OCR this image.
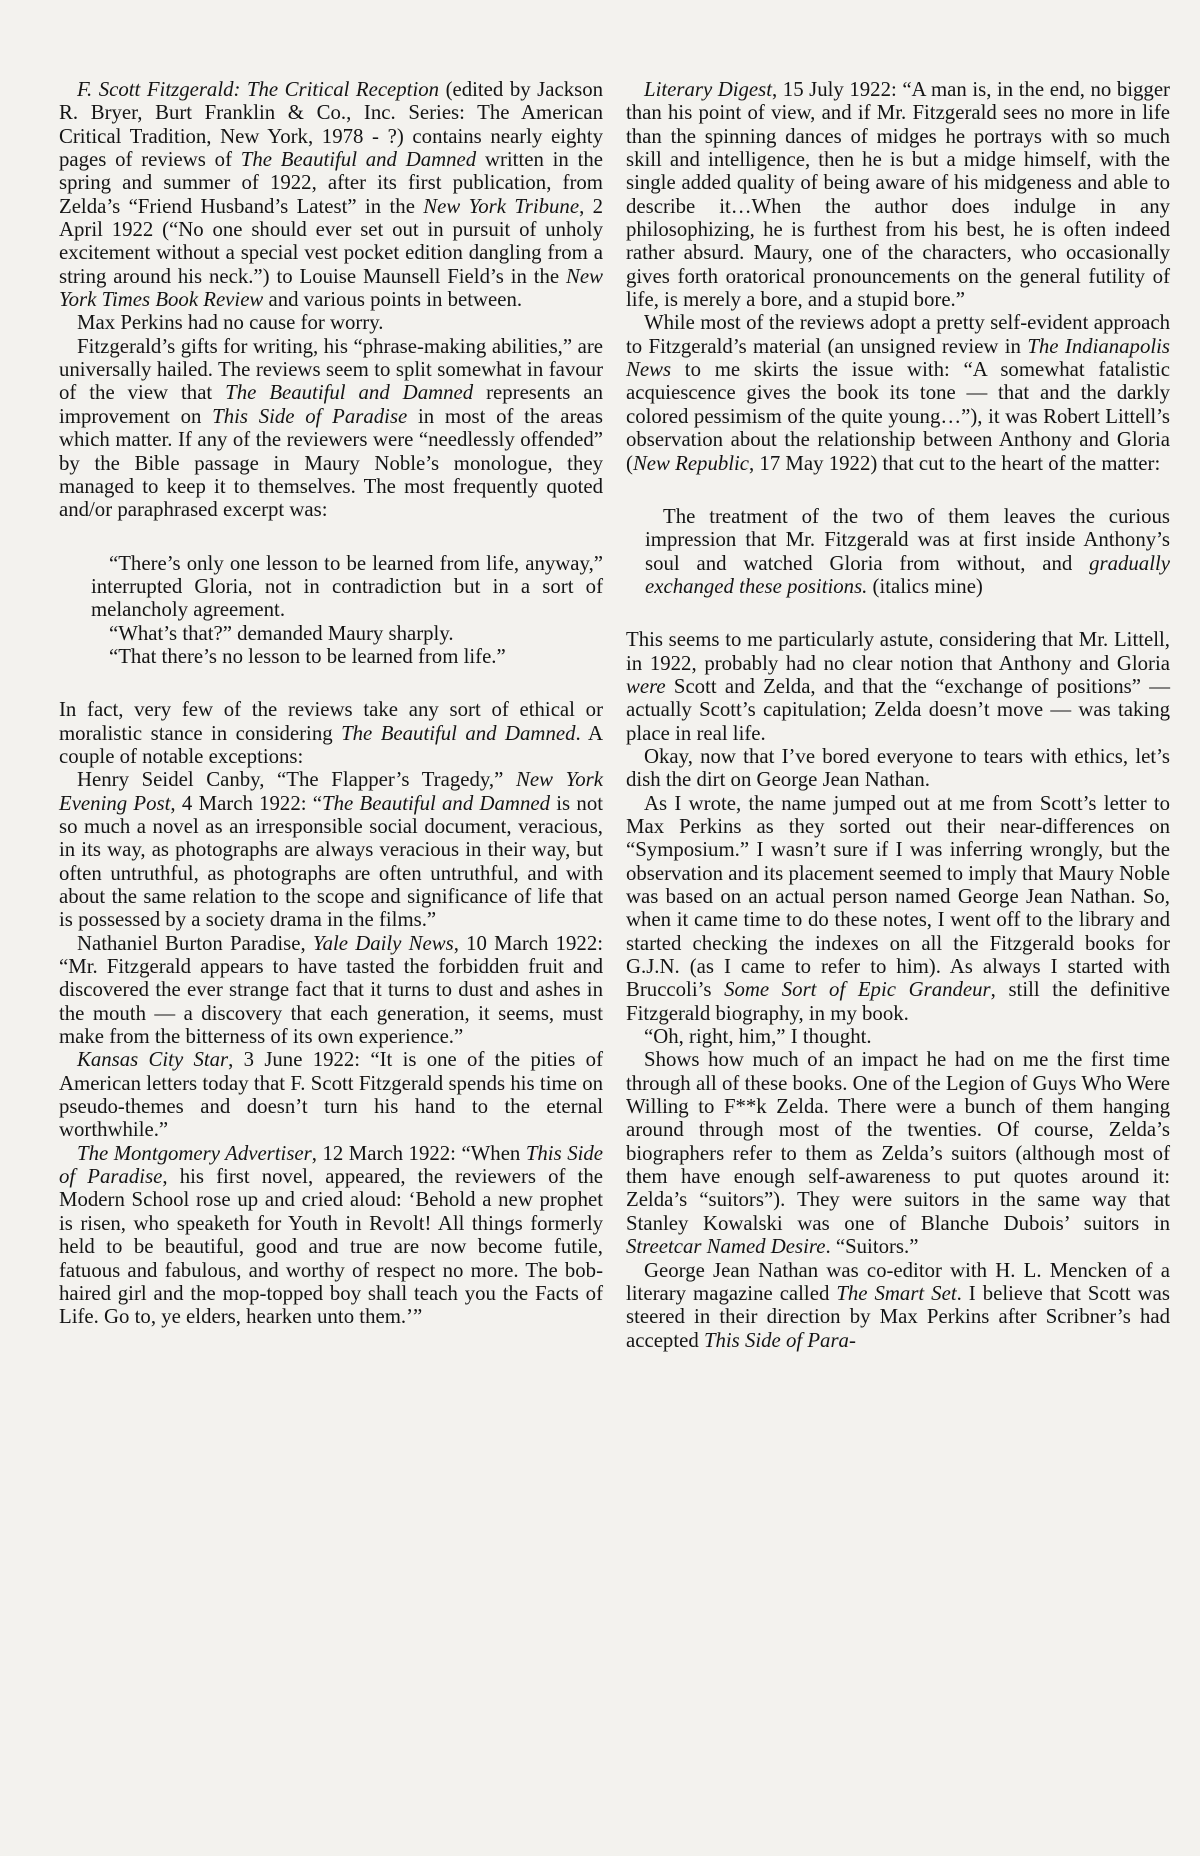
F. Scott Fitzgerald: The Critical Reception (edited by Jackson R. Bryer, Burt Franklin & Co., Inc. Series: The American Critical Tradition, New York, 1978 - ?) contains nearly eighty pages of reviews of The Beautiful and Damned written in the spring and summer of 1922, after its first publication, from Zelda’s “Friend Husband’s Latest” in the New York Tribune, 2 April 1922 (“No one should ever set out in pursuit of unholy excitement without a special vest pocket edition dangling from a string around his neck.”) to Louise Maunsell Field’s in the New York Times Book Review and various points in between.

Max Perkins had no cause for worry.

Fitzgerald’s gifts for writing, his “phrase-making abilities,” are universally hailed. The reviews seem to split somewhat in favour of the view that The Beautiful and Damned represents an improvement on This Side of Paradise in most of the areas which matter. If any of the reviewers were “needlessly offended” by the Bible passage in Maury Noble’s monologue, they managed to keep it to themselves. The most frequently quoted and/or paraphrased excerpt was:

“There’s only one lesson to be learned from life, anyway,” interrupted Gloria, not in contradiction but in a sort of melancholy agreement.

“What’s that?” demanded Maury sharply.

“That there’s no lesson to be learned from life.”

In fact, very few of the reviews take any sort of ethical or moralistic stance in considering The Beautiful and Damned. A couple of notable exceptions:

Henry Seidel Canby, “The Flapper’s Tragedy,” New York Evening Post, 4 March 1922: “The Beautiful and Damned is not so much a novel as an irresponsible social document, veracious, in its way, as photographs are always veracious in their way, but often untruthful, as photographs are often untruthful, and with about the same relation to the scope and significance of life that is possessed by a society drama in the films.”

Nathaniel Burton Paradise, Yale Daily News, 10 March 1922: “Mr. Fitzgerald appears to have tasted the forbidden fruit and discovered the ever strange fact that it turns to dust and ashes in the mouth — a discovery that each generation, it seems, must make from the bitterness of its own experience.”

Kansas City Star, 3 June 1922: “It is one of the pities of American letters today that F. Scott Fitzgerald spends his time on pseudo-themes and doesn’t turn his hand to the eternal worthwhile.”

The Montgomery Advertiser, 12 March 1922: “When This Side of Paradise, his first novel, appeared, the reviewers of the Modern School rose up and cried aloud: ‘Behold a new prophet is risen, who speaketh for Youth in Revolt! All things formerly held to be beautiful, good and true are now become futile, fatuous and fabulous, and worthy of respect no more. The bob-haired girl and the mop-topped boy shall teach you the Facts of Life. Go to, ye elders, hearken unto them.’”

Literary Digest, 15 July 1922: “A man is, in the end, no bigger than his point of view, and if Mr. Fitzgerald sees no more in life than the spinning dances of midges he portrays with so much skill and intelligence, then he is but a midge himself, with the single added quality of being aware of his midgeness and able to describe it…When the author does indulge in any philosophizing, he is furthest from his best, he is often indeed rather absurd. Maury, one of the characters, who occasionally gives forth oratorical pronouncements on the general futility of life, is merely a bore, and a stupid bore.”

While most of the reviews adopt a pretty self-evident approach to Fitzgerald’s material (an unsigned review in The Indianapolis News to me skirts the issue with: “A somewhat fatalistic acquiescence gives the book its tone — that and the darkly colored pessimism of the quite young…”), it was Robert Littell’s observation about the relationship between Anthony and Gloria (New Republic, 17 May 1922) that cut to the heart of the matter:

The treatment of the two of them leaves the curious impression that Mr. Fitzgerald was at first inside Anthony’s soul and watched Gloria from without, and gradually exchanged these positions. (italics mine)

This seems to me particularly astute, considering that Mr. Littell, in 1922, probably had no clear notion that Anthony and Gloria were Scott and Zelda, and that the “exchange of positions” — actually Scott’s capitulation; Zelda doesn’t move — was taking place in real life.

Okay, now that I’ve bored everyone to tears with ethics, let’s dish the dirt on George Jean Nathan.

As I wrote, the name jumped out at me from Scott’s letter to Max Perkins as they sorted out their near-differences on “Symposium.” I wasn’t sure if I was inferring wrongly, but the observation and its placement seemed to imply that Maury Noble was based on an actual person named George Jean Nathan. So, when it came time to do these notes, I went off to the library and started checking the indexes on all the Fitzgerald books for G.J.N. (as I came to refer to him). As always I started with Bruccoli’s Some Sort of Epic Grandeur, still the definitive Fitzgerald biography, in my book.

“Oh, right, him,” I thought.

Shows how much of an impact he had on me the first time through all of these books. One of the Legion of Guys Who Were Willing to F**k Zelda. There were a bunch of them hanging around through most of the twenties. Of course, Zelda’s biographers refer to them as Zelda’s suitors (although most of them have enough self-awareness to put quotes around it: Zelda’s “suitors”). They were suitors in the same way that Stanley Kowalski was one of Blanche Dubois’ suitors in Streetcar Named Desire. “Suitors.”

George Jean Nathan was co-editor with H. L. Mencken of a literary magazine called The Smart Set. I believe that Scott was steered in their direction by Max Perkins after Scribner’s had accepted This Side of Para-
